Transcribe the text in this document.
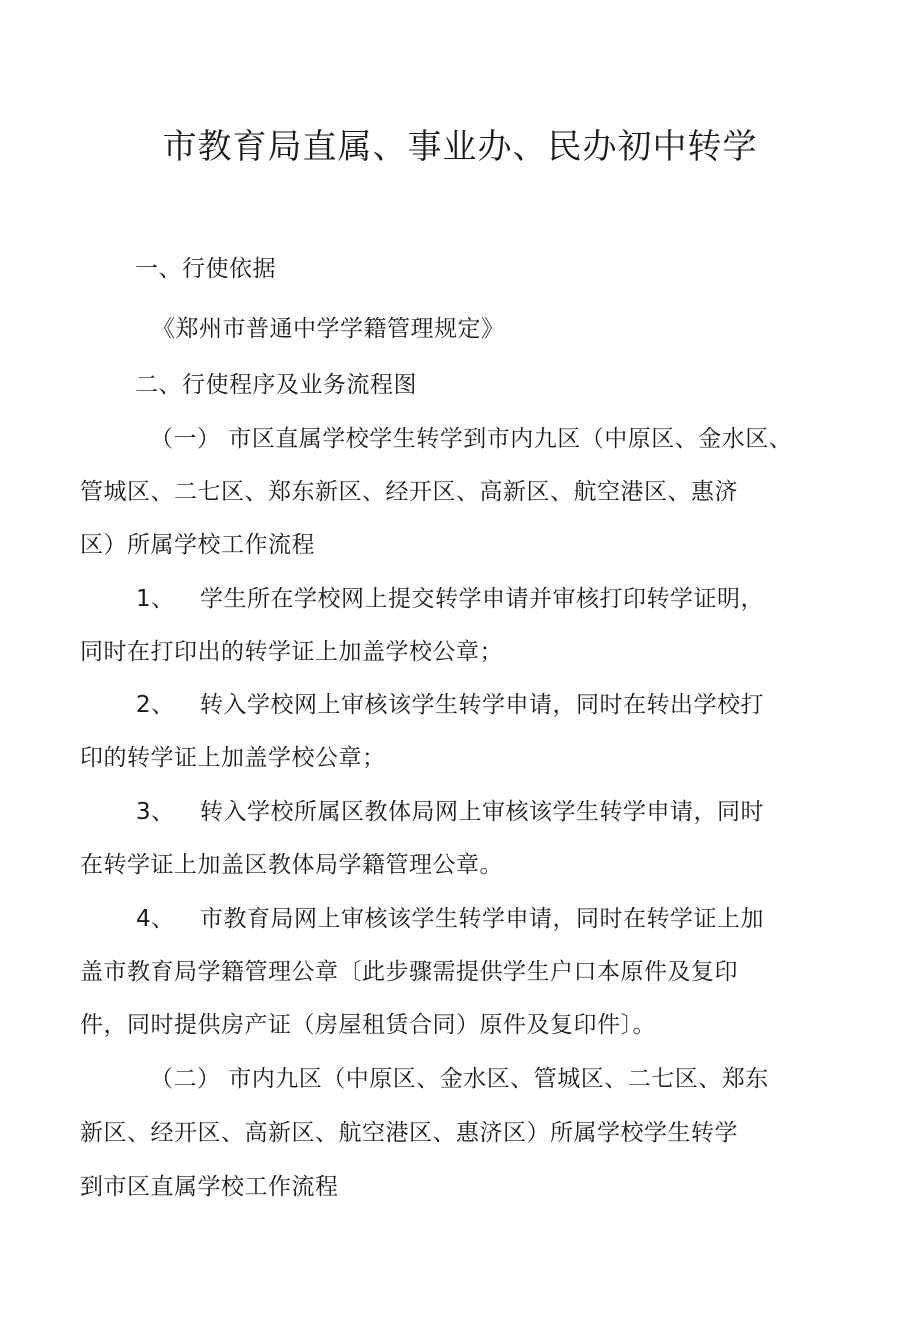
市教育局直属、事业办、民办初中转学
一、行使依据
《郑州市普通中学学籍管理规定》
二、行使程序及业务流程图
（一） 市区直属学校学生转学到市内九区（中原区、金水区、
管城区、二七区、郑东新区、经开区、高新区、航空港区、惠济
区）所属学校工作流程
1、 学生所在学校网上提交转学申请并审核打印转学证明，
同时在打印出的转学证上加盖学校公章；
2、 转入学校网上审核该学生转学申请，同时在转出学校打
印的转学证上加盖学校公章；
3、 转入学校所属区教体局网上审核该学生转学申请，同时
在转学证上加盖区教体局学籍管理公章。
4、 市教育局网上审核该学生转学申请，同时在转学证上加
盖市教育局学籍管理公章〔此步骤需提供学生户口本原件及复印
件，同时提供房产证（房屋租赁合同）原件及复印件〕。
（二） 市内九区（中原区、金水区、管城区、二七区、郑东
新区、经开区、高新区、航空港区、惠济区）所属学校学生转学
到市区直属学校工作流程
